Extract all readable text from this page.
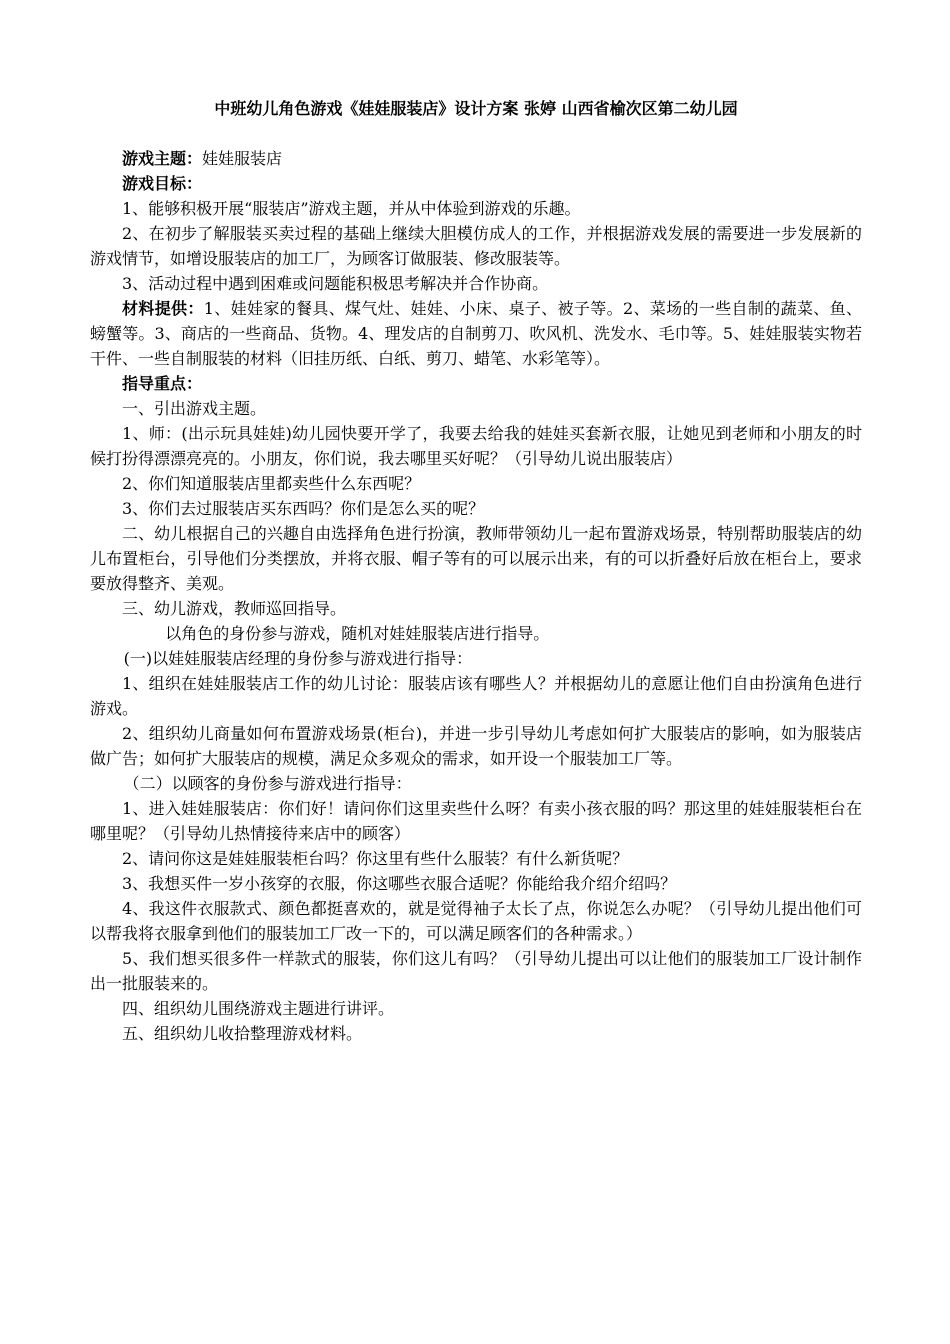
中班幼儿角色游戏《娃娃服装店》设计方案 张婷 山西省榆次区第二幼儿园

游戏主题：娃娃服装店

游戏目标：

1、能够积极开展“服装店”游戏主题，并从中体验到游戏的乐趣。

2、在初步了解服装买卖过程的基础上继续大胆模仿成人的工作，并根据游戏发展的需要进一步发展新的游戏情节，如增设服装店的加工厂，为顾客订做服装、修改服装等。

3、活动过程中遇到困难或问题能积极思考解决并合作协商。

材料提供：1、娃娃家的餐具、煤气灶、娃娃、小床、桌子、被子等。2、菜场的一些自制的蔬菜、鱼、螃蟹等。3、商店的一些商品、货物。4、理发店的自制剪刀、吹风机、洗发水、毛巾等。5、娃娃服装实物若干件、一些自制服装的材料（旧挂历纸、白纸、剪刀、蜡笔、水彩笔等）。

指导重点：

一、引出游戏主题。

1、师：(出示玩具娃娃)幼儿园快要开学了，我要去给我的娃娃买套新衣服，让她见到老师和小朋友的时候打扮得漂漂亮亮的。小朋友，你们说，我去哪里买好呢？（引导幼儿说出服装店）

2、你们知道服装店里都卖些什么东西呢？

3、你们去过服装店买东西吗？你们是怎么买的呢？

二、幼儿根据自己的兴趣自由选择角色进行扮演，教师带领幼儿一起布置游戏场景，特别帮助服装店的幼儿布置柜台，引导他们分类摆放，并将衣服、帽子等有的可以展示出来，有的可以折叠好后放在柜台上，要求要放得整齐、美观。

三、幼儿游戏，教师巡回指导。

以角色的身份参与游戏，随机对娃娃服装店进行指导。

(一)以娃娃服装店经理的身份参与游戏进行指导：

1、组织在娃娃服装店工作的幼儿讨论：服装店该有哪些人？并根据幼儿的意愿让他们自由扮演角色进行游戏。

2、组织幼儿商量如何布置游戏场景(柜台)，并进一步引导幼儿考虑如何扩大服装店的影响，如为服装店做广告；如何扩大服装店的规模，满足众多观众的需求，如开设一个服装加工厂等。

（二）以顾客的身份参与游戏进行指导：

1、进入娃娃服装店：你们好！请问你们这里卖些什么呀？有卖小孩衣服的吗？那这里的娃娃服装柜台在哪里呢？（引导幼儿热情接待来店中的顾客）

2、请问你这是娃娃服装柜台吗？你这里有些什么服装？有什么新货呢？

3、我想买件一岁小孩穿的衣服，你这哪些衣服合适呢？你能给我介绍介绍吗？

4、我这件衣服款式、颜色都挺喜欢的，就是觉得袖子太长了点，你说怎么办呢？（引导幼儿提出他们可以帮我将衣服拿到他们的服装加工厂改一下的，可以满足顾客们的各种需求。）

5、我们想买很多件一样款式的服装，你们这儿有吗？（引导幼儿提出可以让他们的服装加工厂设计制作出一批服装来的。

四、组织幼儿围绕游戏主题进行讲评。

五、组织幼儿收拾整理游戏材料。
